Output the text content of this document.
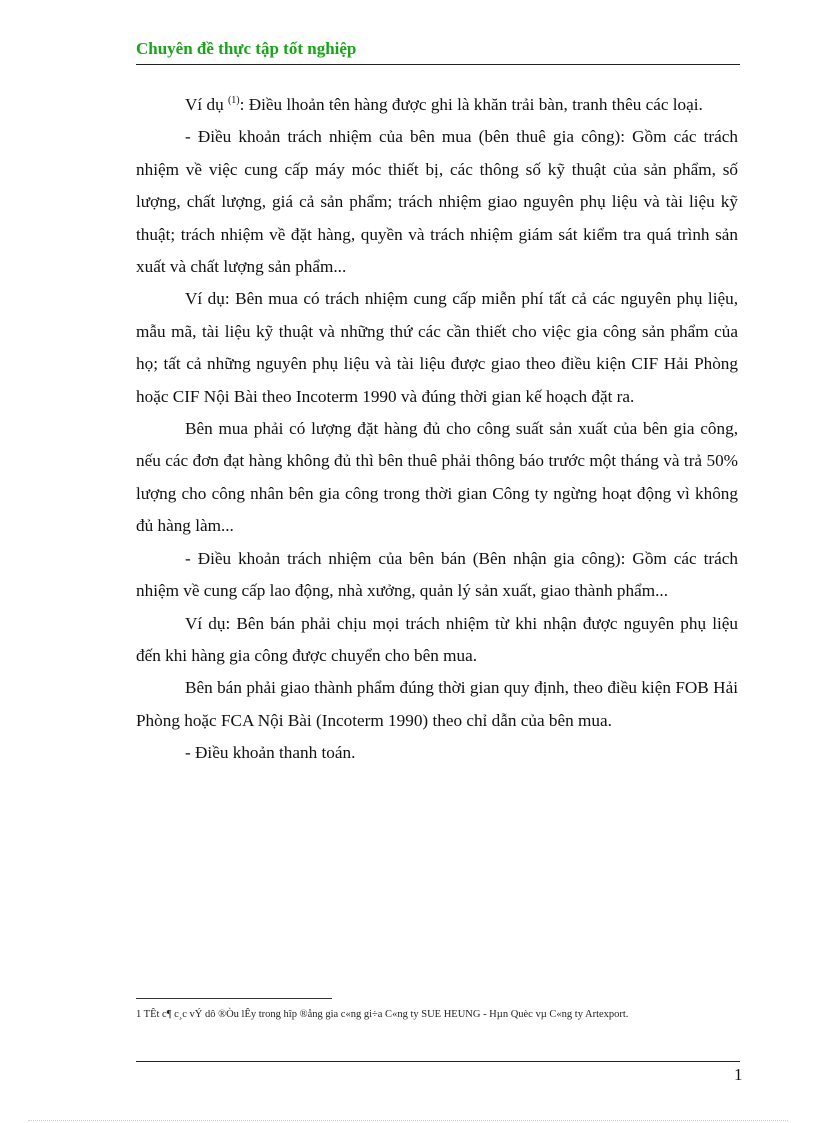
Chuyên đề thực tập tốt nghiệp

Ví dụ $^{(1)}$: Điều lhoản tên hàng được ghi là khăn trải bàn, tranh thêu các loại.

- Điều khoản trách nhiệm của bên mua (bên thuê gia công): Gồm các trách nhiệm về việc cung cấp máy móc thiết bị, các thông số kỹ thuật của sản phẩm, số lượng, chất lượng, giá cả sản phẩm; trách nhiệm giao nguyên phụ liệu và tài liệu kỹ thuật; trách nhiệm về đặt hàng, quyền và trách nhiệm giám sát kiểm tra quá trình sản xuất và chất lượng sản phẩm...

Ví dụ: Bên mua có trách nhiệm cung cấp miễn phí tất cả các nguyên phụ liệu, mẫu mã, tài liệu kỹ thuật và những thứ các cần thiết cho việc gia công sản phẩm của họ; tất cả những nguyên phụ liệu và tài liệu được giao theo điều kiện CIF Hải Phòng hoặc CIF Nội Bài theo Incoterm 1990 và đúng thời gian kế hoạch đặt ra.

Bên mua phải có lượng đặt hàng đủ cho công suất sản xuất của bên gia công, nếu các đơn đạt hàng không đủ thì bên thuê phải thông báo trước một tháng và trả 50% lượng cho công nhân bên gia công trong thời gian Công ty ngừng hoạt động vì không đủ hàng làm...

- Điều khoản trách nhiệm của bên bán (Bên nhận gia công): Gồm các trách nhiệm về cung cấp lao động, nhà xưởng, quản lý sản xuất, giao thành phẩm...

Ví dụ: Bên bán phải chịu mọi trách nhiệm từ khi nhận được nguyên phụ liệu đến khi hàng gia công được chuyển cho bên mua.

Bên bán phải giao thành phẩm đúng thời gian quy định, theo điều kiện FOB Hải Phòng hoặc FCA Nội Bài (Incoterm 1990) theo chỉ dẫn của bên mua.

- Điều khoản thanh toán.

1 TÊt c¶ c¸c vÝ dô ®Òu lÊy trong hîp ®ång gia c«ng gi÷a C«ng ty SUE HEUNG - Hµn Quèc vµ C«ng ty Artexport.
1
